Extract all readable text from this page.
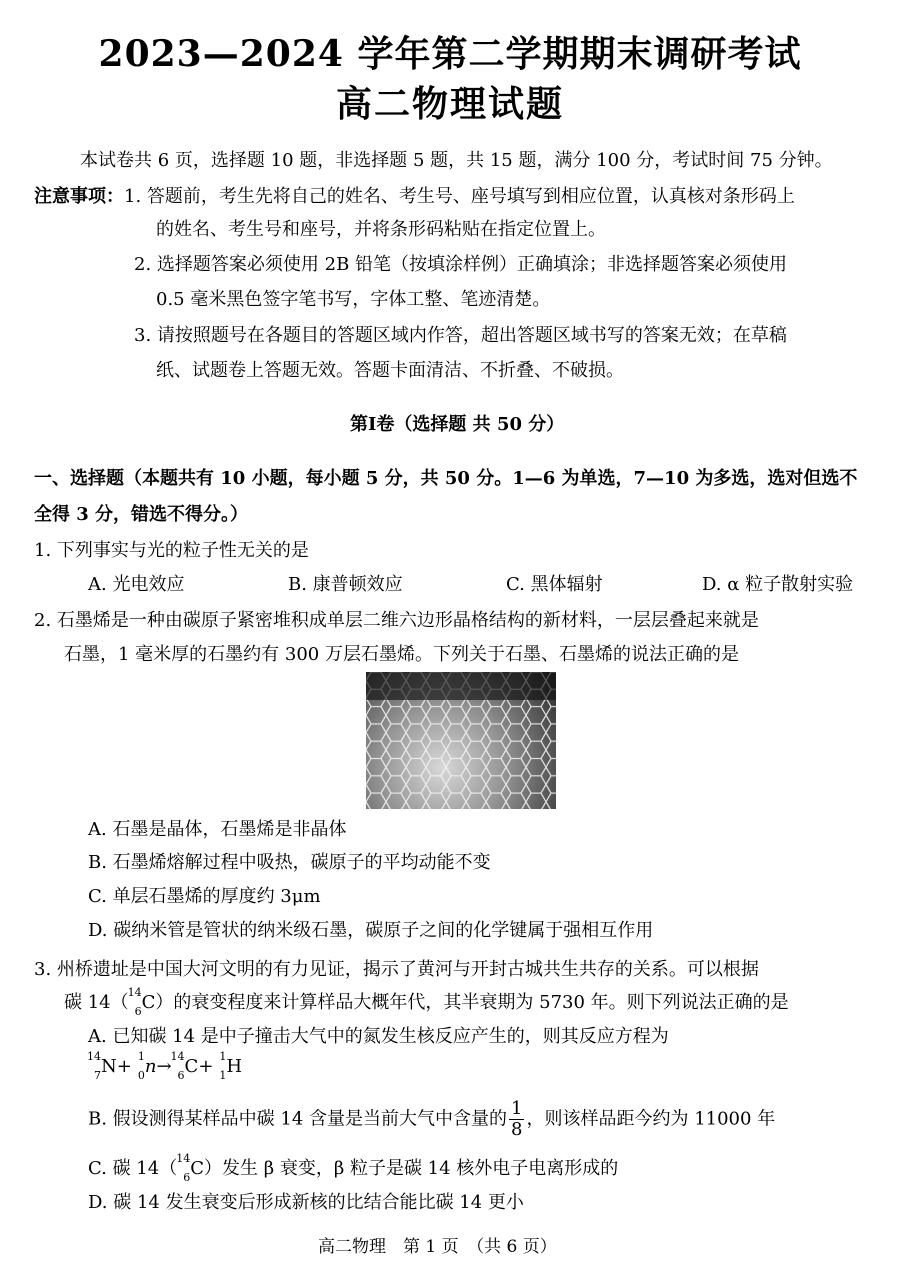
2023—2024 学年第二学期期末调研考试
高二物理试题
本试卷共 6 页，选择题 10 题，非选择题 5 题，共 15 题，满分 100 分，考试时间 75 分钟。
注意事项： 1. 答题前，考生先将自己的姓名、考生号、座号填写到相应位置，认真核对条形码上
的姓名、考生号和座号，并将条形码粘贴在指定位置上。
2. 选择题答案必须使用 2B 铅笔（按填涂样例）正确填涂；非选择题答案必须使用
0.5 毫米黑色签字笔书写，字体工整、笔迹清楚。
3. 请按照题号在各题目的答题区域内作答，超出答题区域书写的答案无效；在草稿
纸、试题卷上答题无效。答题卡面清洁、不折叠、不破损。
第Ⅰ卷（选择题 共 50 分）
一、选择题（本题共有 10 小题，每小题 5 分，共 50 分。1—6 为单选，7—10 为多选，选对但选不
全得 3 分，错选不得分。）
1. 下列事实与光的粒子性无关的是
A. 光电效应	B. 康普顿效应	C. 黑体辐射	D. α 粒子散射实验
2. 石墨烯是一种由碳原子紧密堆积成单层二维六边形晶格结构的新材料，一层层叠起来就是
石墨，1 毫米厚的石墨约有 300 万层石墨烯。下列关于石墨、石墨烯的说法正确的是
A. 石墨是晶体，石墨烯是非晶体
B. 石墨烯熔解过程中吸热，碳原子的平均动能不变
C. 单层石墨烯的厚度约 3μm
D. 碳纳米管是管状的纳米级石墨，碳原子之间的化学键属于强相互作用
3. 州桥遗址是中国大河文明的有力见证，揭示了黄河与开封古城共生共存的关系。可以根据
碳 14（ 14
6 C）的衰变程度来计算样品大概年代，其半衰期为 5730 年。则下列说法正确的是
A. 已知碳 14 是中子撞击大气中的氮发生核反应产生的，则其反应方程为
14
7 N+ 1
0 n→ 14
6 C+ 1
1 H
B. 假设测得某样品中碳 14 含量是当前大气中含量的 $\frac{1}{8}$ ，则该样品距今约为 11000 年
C. 碳 14（ 14
6 C）发生 β 衰变，β 粒子是碳 14 核外电子电离形成的
D. 碳 14 发生衰变后形成新核的比结合能比碳 14 更小
高二物理　第 1 页　（共 6 页）
